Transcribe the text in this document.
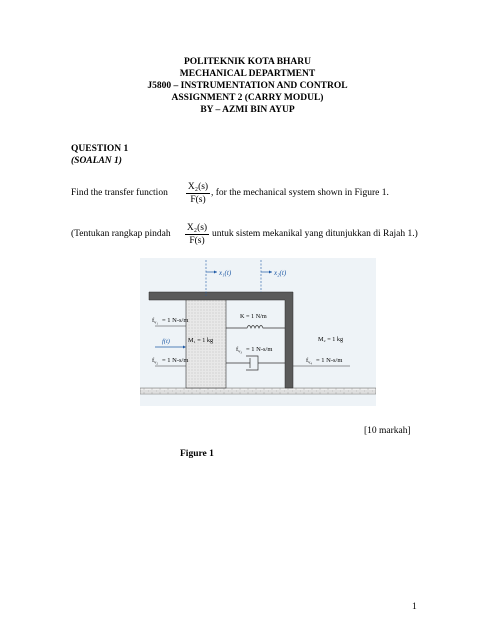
POLITEKNIK KOTA BHARU
MECHANICAL DEPARTMENT
J5800 – INSTRUMENTATION AND CONTROL
ASSIGNMENT 2 (CARRY MODUL)
BY – AZMI BIN AYUP
QUESTION 1
(SOALAN 1)
Find the transfer function $\frac{\text{X₂(s)}}{F(s)}$ , for the mechanical system shown in Figure 1.
(Tentukan rangkap pindah $\frac{\text{X₂(s)}}{F(s)}$ untuk sistem mekanikal yang ditunjukkan di Rajah 1.)
x₁(t)	x₂(t)
$f_{v_1} = 1$ N-s/m
f(t)
$f_{v_2} = 1$ N-s/m
M₁ = 1 kg
K = 1 N/m
$f_{v_3} = 1$ N-s/m
M₂ = 1 kg
$f_{v_4} = 1$ N-s/m
[10 markah]
Figure 1
1
